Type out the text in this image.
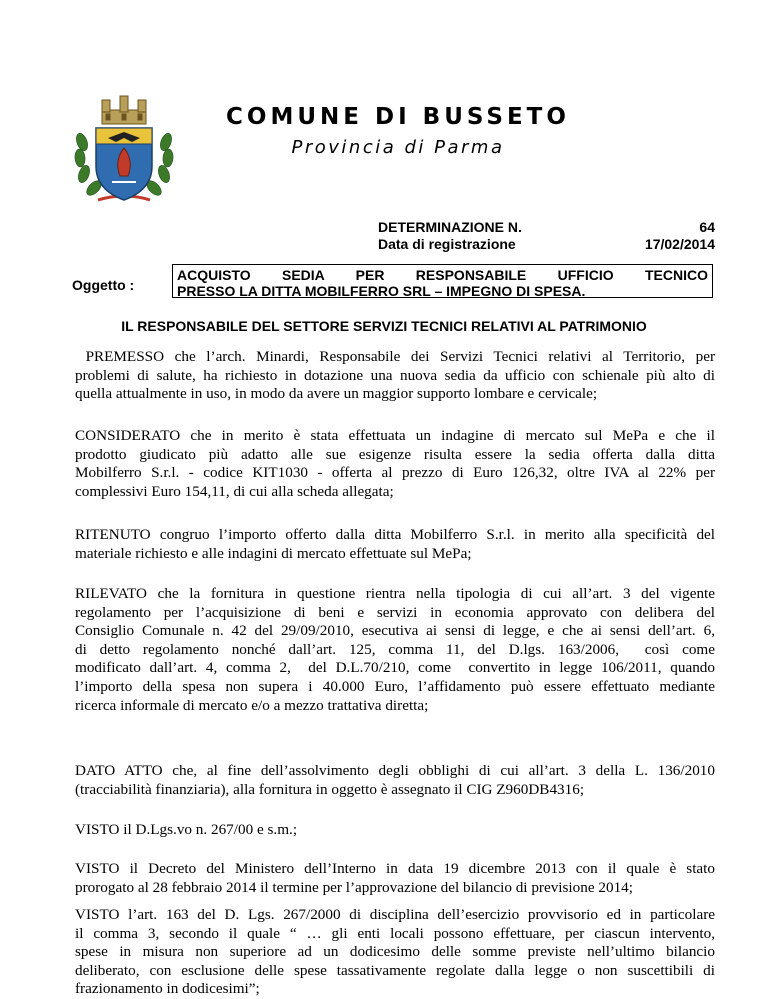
COMUNE DI BUSSETO
Provincia di Parma
DETERMINAZIONE N.	64
Data di registrazione	17/02/2014
Oggetto :
ACQUISTO SEDIA PER RESPONSABILE UFFICIO TECNICO
PRESSO LA DITTA MOBILFERRO SRL – IMPEGNO DI SPESA.
IL RESPONSABILE DEL SETTORE SERVIZI TECNICI RELATIVI AL PATRIMONIO
PREMESSO che l’arch. Minardi, Responsabile dei Servizi Tecnici relativi al Territorio, per
problemi di salute, ha richiesto in dotazione una nuova sedia da ufficio con schienale più alto di
quella attualmente in uso, in modo da avere un maggior supporto lombare e cervicale;
CONSIDERATO che in merito è stata effettuata un indagine di mercato sul MePa e che il
prodotto giudicato più adatto alle sue esigenze risulta essere la sedia offerta dalla ditta
Mobilferro S.r.l. - codice KIT1030 - offerta al prezzo di Euro 126,32, oltre IVA al 22% per
complessivi Euro 154,11, di cui alla scheda allegata;
RITENUTO congruo l’importo offerto dalla ditta Mobilferro S.r.l. in merito alla specificità del
materiale richiesto e alle indagini di mercato effettuate sul MePa;
RILEVATO che la fornitura in questione rientra nella tipologia di cui all’art. 3 del vigente
regolamento per l’acquisizione di beni e servizi in economia approvato con delibera del
Consiglio Comunale n. 42 del 29/09/2010, esecutiva ai sensi di legge, e che ai sensi dell’art. 6,
di detto regolamento nonché dall’art. 125, comma 11, del D.lgs. 163/2006,  così come
modificato dall’art. 4, comma 2,  del D.L.70/210, come  convertito in legge 106/2011, quando
l’importo della spesa non supera i 40.000 Euro, l’affidamento può essere effettuato mediante
ricerca informale di mercato e/o a mezzo trattativa diretta;
DATO ATTO che, al fine dell’assolvimento degli obblighi di cui all’art. 3 della L. 136/2010
(tracciabilità finanziaria), alla fornitura in oggetto è assegnato il CIG Z960DB4316;
VISTO il D.Lgs.vo n. 267/00 e s.m.;
VISTO il Decreto del Ministero dell’Interno in data 19 dicembre 2013 con il quale è stato
prorogato al 28 febbraio 2014 il termine per l’approvazione del bilancio di previsione 2014;
VISTO l’art. 163 del D. Lgs. 267/2000 di disciplina dell’esercizio provvisorio ed in particolare
il comma 3, secondo il quale “ … gli enti locali possono effettuare, per ciascun intervento,
spese in misura non superiore ad un dodicesimo delle somme previste nell’ultimo bilancio
deliberato, con esclusione delle spese tassativamente regolate dalla legge o non suscettibili di
frazionamento in dodicesimi”;
